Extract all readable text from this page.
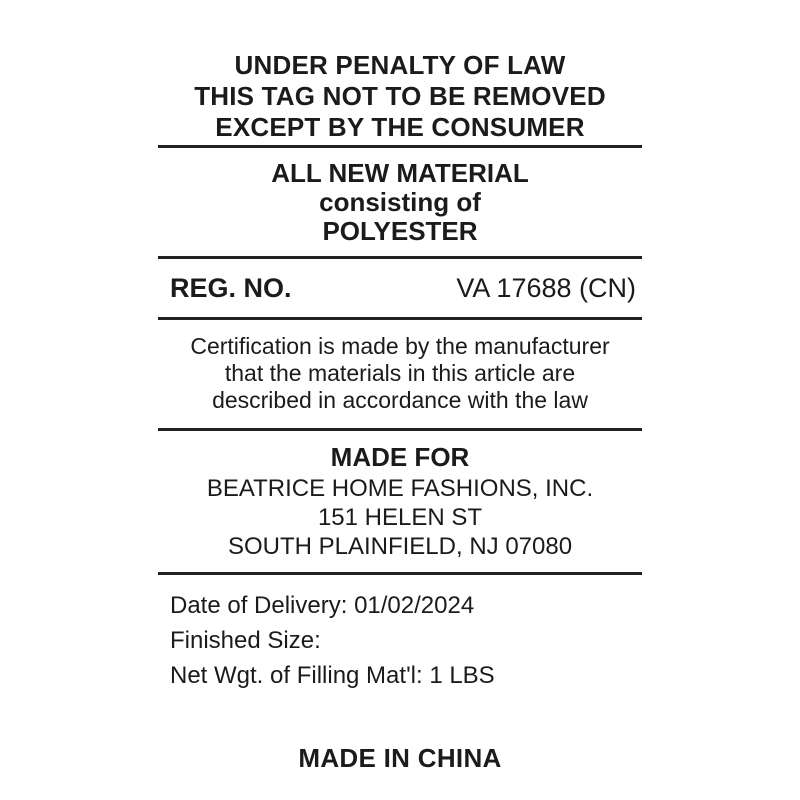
UNDER PENALTY OF LAW
THIS TAG NOT TO BE REMOVED
EXCEPT BY THE CONSUMER
ALL NEW MATERIAL
consisting of
POLYESTER
REG. NO.	VA 17688 (CN)
Certification is made by the manufacturer
that the materials in this article are
described in accordance with the law
MADE FOR
BEATRICE HOME FASHIONS, INC.
151 HELEN ST
SOUTH PLAINFIELD, NJ 07080
Date of Delivery: 01/02/2024
Finished Size:
Net Wgt. of Filling Mat'l: 1 LBS
MADE IN CHINA
